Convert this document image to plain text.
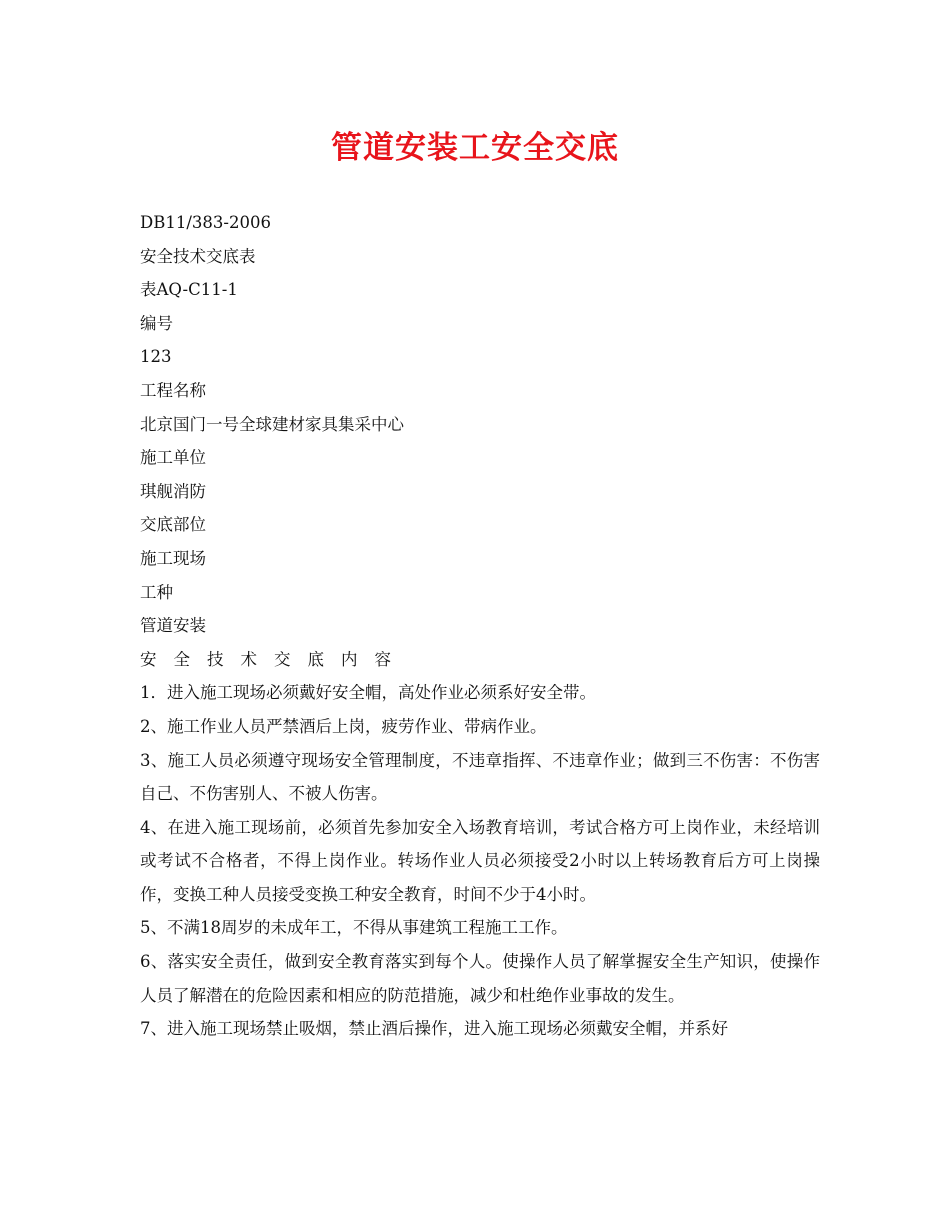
管道安装工安全交底
DB11/383-2006
安全技术交底表
表AQ-C11-1
编号
123
工程名称
北京国门一号全球建材家具集采中心
施工单位
琪舰消防
交底部位
施工现场
工种
管道安装
安全技术交底内容
1．进入施工现场必须戴好安全帽，高处作业必须系好安全带。
2、施工作业人员严禁酒后上岗，疲劳作业、带病作业。
3、施工人员必须遵守现场安全管理制度，不违章指挥、不违章作业；做到三不伤害：不伤害自己、不伤害别人、不被人伤害。
4、在进入施工现场前，必须首先参加安全入场教育培训，考试合格方可上岗作业，未经培训或考试不合格者，不得上岗作业。转场作业人员必须接受2小时以上转场教育后方可上岗操作，变换工种人员接受变换工种安全教育，时间不少于4小时。
5、不满18周岁的未成年工，不得从事建筑工程施工工作。
6、落实安全责任，做到安全教育落实到每个人。使操作人员了解掌握安全生产知识，使操作人员了解潜在的危险因素和相应的防范措施，减少和杜绝作业事故的发生。
7、进入施工现场禁止吸烟，禁止酒后操作，进入施工现场必须戴安全帽，并系好
